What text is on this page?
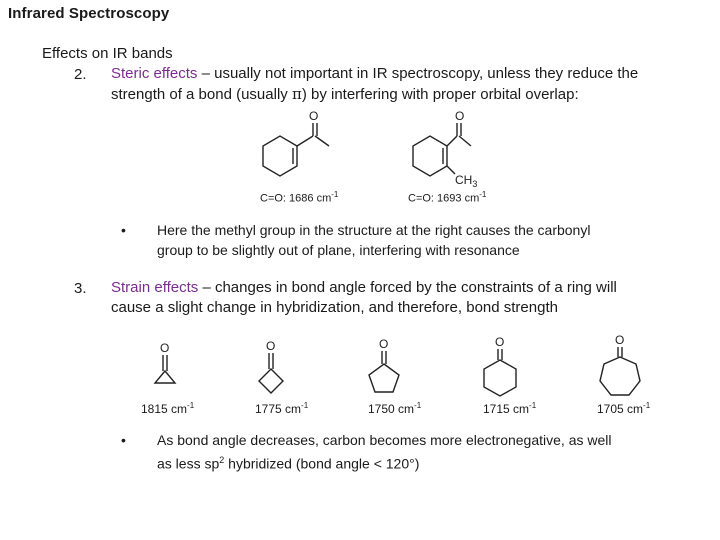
Infrared Spectroscopy
Effects on IR bands
2. Steric effects – usually not important in IR spectroscopy, unless they reduce the
strength of a bond (usually π) by interfering with proper orbital overlap:
O	O
$CH_3$
C=O: 1686 $cm^{-1}$	C=O: 1693 $cm^{-1}$
• Here the methyl group in the structure at the right causes the carbonyl
group to be slightly out of plane, interfering with resonance
3. Strain effects – changes in bond angle forced by the constraints of a ring will
cause a slight change in hybridization, and therefore, bond strength
O	O	O	O	O
1815 $cm^{-1}$	1775 $cm^{-1}$	1750 $cm^{-1}$	1715 $cm^{-1}$	1705 $cm^{-1}$
• As bond angle decreases, carbon becomes more electronegative, as well
as less $sp^2$ hybridized (bond angle < 120°)
